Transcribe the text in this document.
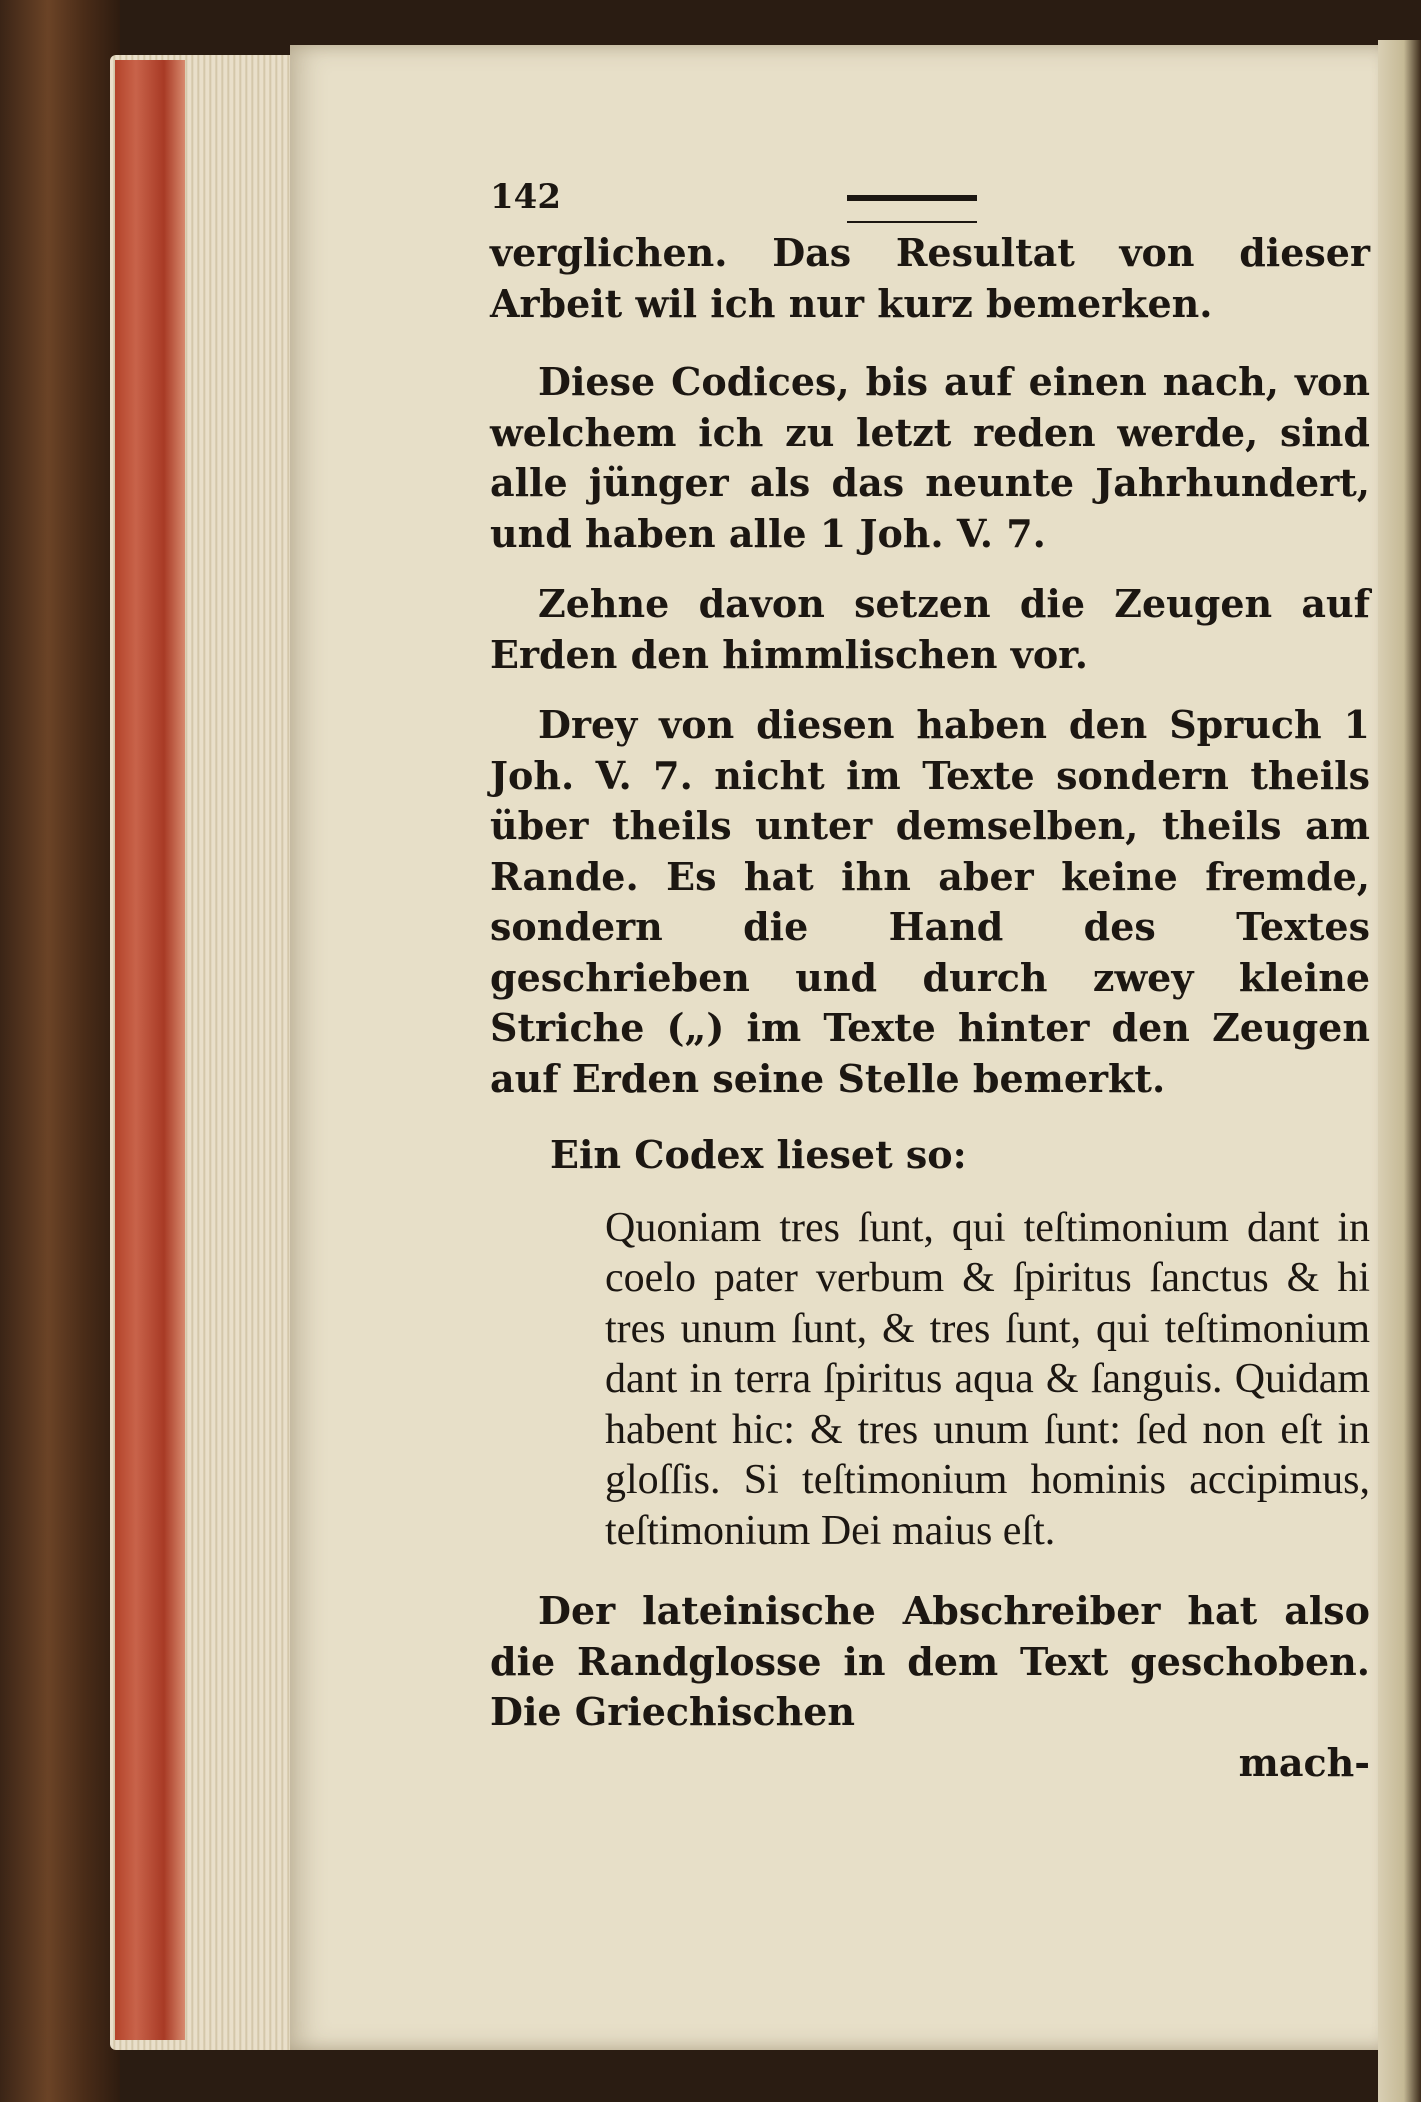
142

verglichen. Das Resultat von dieser Arbeit wil ich nur kurz bemerken.

Diese Codices, bis auf einen nach, von welchem ich zu letzt reden werde, sind alle jünger als das neunte Jahrhundert, und haben alle 1 Joh. V. 7.

Zehne davon setzen die Zeugen auf Erden den himmlischen vor.

Drey von diesen haben den Spruch 1 Joh. V. 7. nicht im Texte sondern theils über theils unter demselben, theils am Rande. Es hat ihn aber keine fremde, sondern die Hand des Textes geschrieben und durch zwey kleine Striche („) im Texte hinter den Zeugen auf Erden seine Stelle bemerkt.

Ein Codex lieset so:

Quoniam tres ſunt, qui teſtimonium dant in coelo pater verbum & ſpiritus ſanctus & hi tres unum ſunt, & tres ſunt, qui teſtimonium dant in terra ſpiritus aqua & ſanguis. Quidam habent hic: & tres unum ſunt: ſed non eſt in gloſſis. Si teſtimonium hominis accipimus, teſtimonium Dei maius eſt.

Der lateinische Abschreiber hat also die Randglosse in dem Text geschoben. Die Griechischen

mach-
